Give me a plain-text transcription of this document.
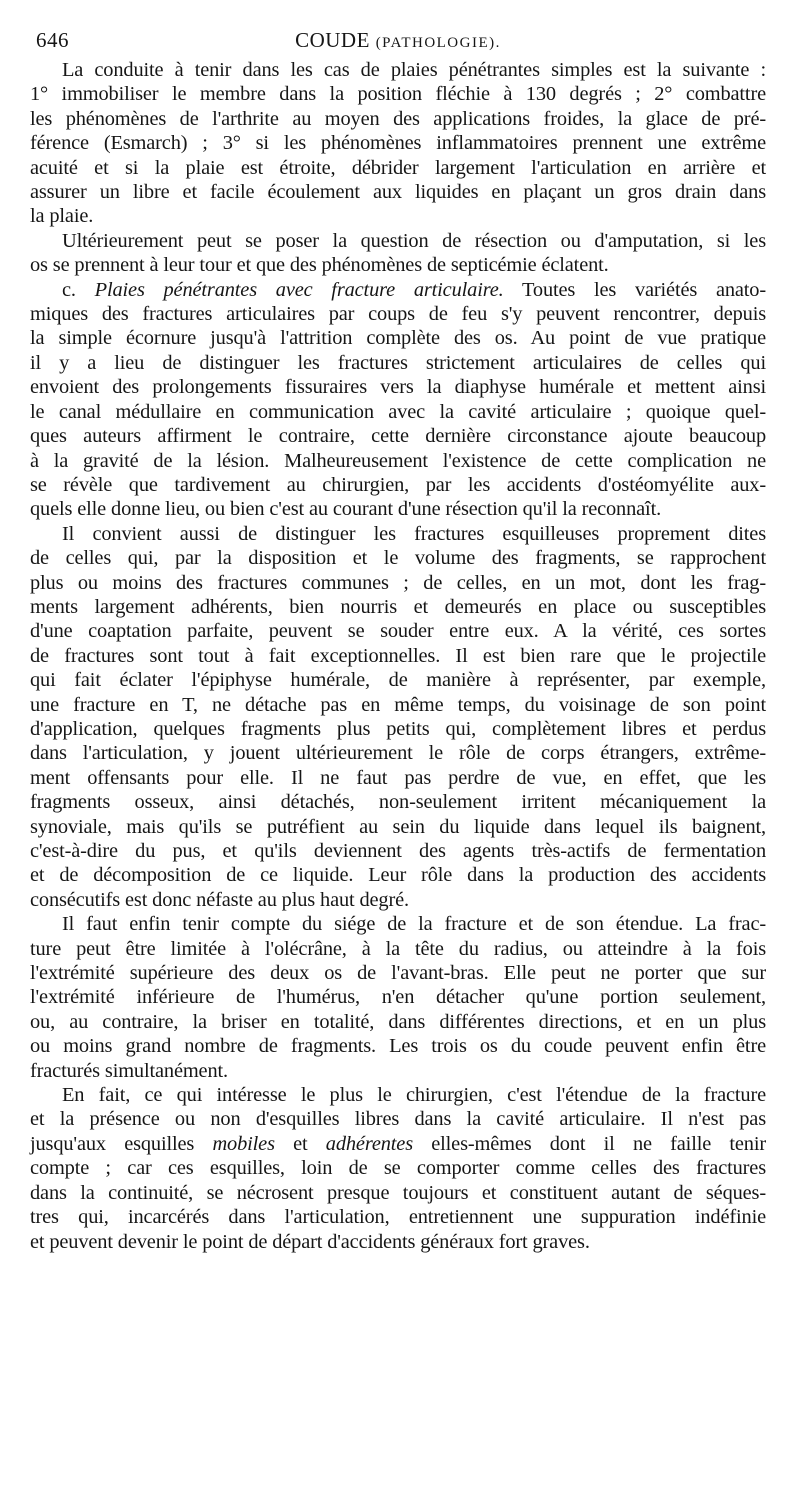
646	COUDE (PATHOLOGIE).
La conduite à tenir dans les cas de plaies pénétrantes simples est la suivante :
1° immobiliser le membre dans la position fléchie à 130 degrés ; 2° combattre
les phénomènes de l'arthrite au moyen des applications froides, la glace de pré-
férence (Esmarch) ; 3° si les phénomènes inflammatoires prennent une extrême
acuité et si la plaie est étroite, débrider largement l'articulation en arrière et
assurer un libre et facile écoulement aux liquides en plaçant un gros drain dans
la plaie.
Ultérieurement peut se poser la question de résection ou d'amputation, si les
os se prennent à leur tour et que des phénomènes de septicémie éclatent.
c. Plaies pénétrantes avec fracture articulaire. Toutes les variétés anato-
miques des fractures articulaires par coups de feu s'y peuvent rencontrer, depuis
la simple écornure jusqu'à l'attrition complète des os. Au point de vue pratique
il y a lieu de distinguer les fractures strictement articulaires de celles qui
envoient des prolongements fissuraires vers la diaphyse humérale et mettent ainsi
le canal médullaire en communication avec la cavité articulaire ; quoique quel-
ques auteurs affirment le contraire, cette dernière circonstance ajoute beaucoup
à la gravité de la lésion. Malheureusement l'existence de cette complication ne
se révèle que tardivement au chirurgien, par les accidents d'ostéomyélite aux-
quels elle donne lieu, ou bien c'est au courant d'une résection qu'il la reconnaît.
Il convient aussi de distinguer les fractures esquilleuses proprement dites
de celles qui, par la disposition et le volume des fragments, se rapprochent
plus ou moins des fractures communes ; de celles, en un mot, dont les frag-
ments largement adhérents, bien nourris et demeurés en place ou susceptibles
d'une coaptation parfaite, peuvent se souder entre eux. A la vérité, ces sortes
de fractures sont tout à fait exceptionnelles. Il est bien rare que le projectile
qui fait éclater l'épiphyse humérale, de manière à représenter, par exemple,
une fracture en T, ne détache pas en même temps, du voisinage de son point
d'application, quelques fragments plus petits qui, complètement libres et perdus
dans l'articulation, y jouent ultérieurement le rôle de corps étrangers, extrême-
ment offensants pour elle. Il ne faut pas perdre de vue, en effet, que les
fragments osseux, ainsi détachés, non-seulement irritent mécaniquement la
synoviale, mais qu'ils se putréfient au sein du liquide dans lequel ils baignent,
c'est-à-dire du pus, et qu'ils deviennent des agents très-actifs de fermentation
et de décomposition de ce liquide. Leur rôle dans la production des accidents
consécutifs est donc néfaste au plus haut degré.
Il faut enfin tenir compte du siége de la fracture et de son étendue. La frac-
ture peut être limitée à l'olécrâne, à la tête du radius, ou atteindre à la fois
l'extrémité supérieure des deux os de l'avant-bras. Elle peut ne porter que sur
l'extrémité inférieure de l'humérus, n'en détacher qu'une portion seulement,
ou, au contraire, la briser en totalité, dans différentes directions, et en un plus
ou moins grand nombre de fragments. Les trois os du coude peuvent enfin être
fracturés simultanément.
En fait, ce qui intéresse le plus le chirurgien, c'est l'étendue de la fracture
et la présence ou non d'esquilles libres dans la cavité articulaire. Il n'est pas
jusqu'aux esquilles mobiles et adhérentes elles-mêmes dont il ne faille tenir
compte ; car ces esquilles, loin de se comporter comme celles des fractures
dans la continuité, se nécrosent presque toujours et constituent autant de séques-
tres qui, incarcérés dans l'articulation, entretiennent une suppuration indéfinie
et peuvent devenir le point de départ d'accidents généraux fort graves.
